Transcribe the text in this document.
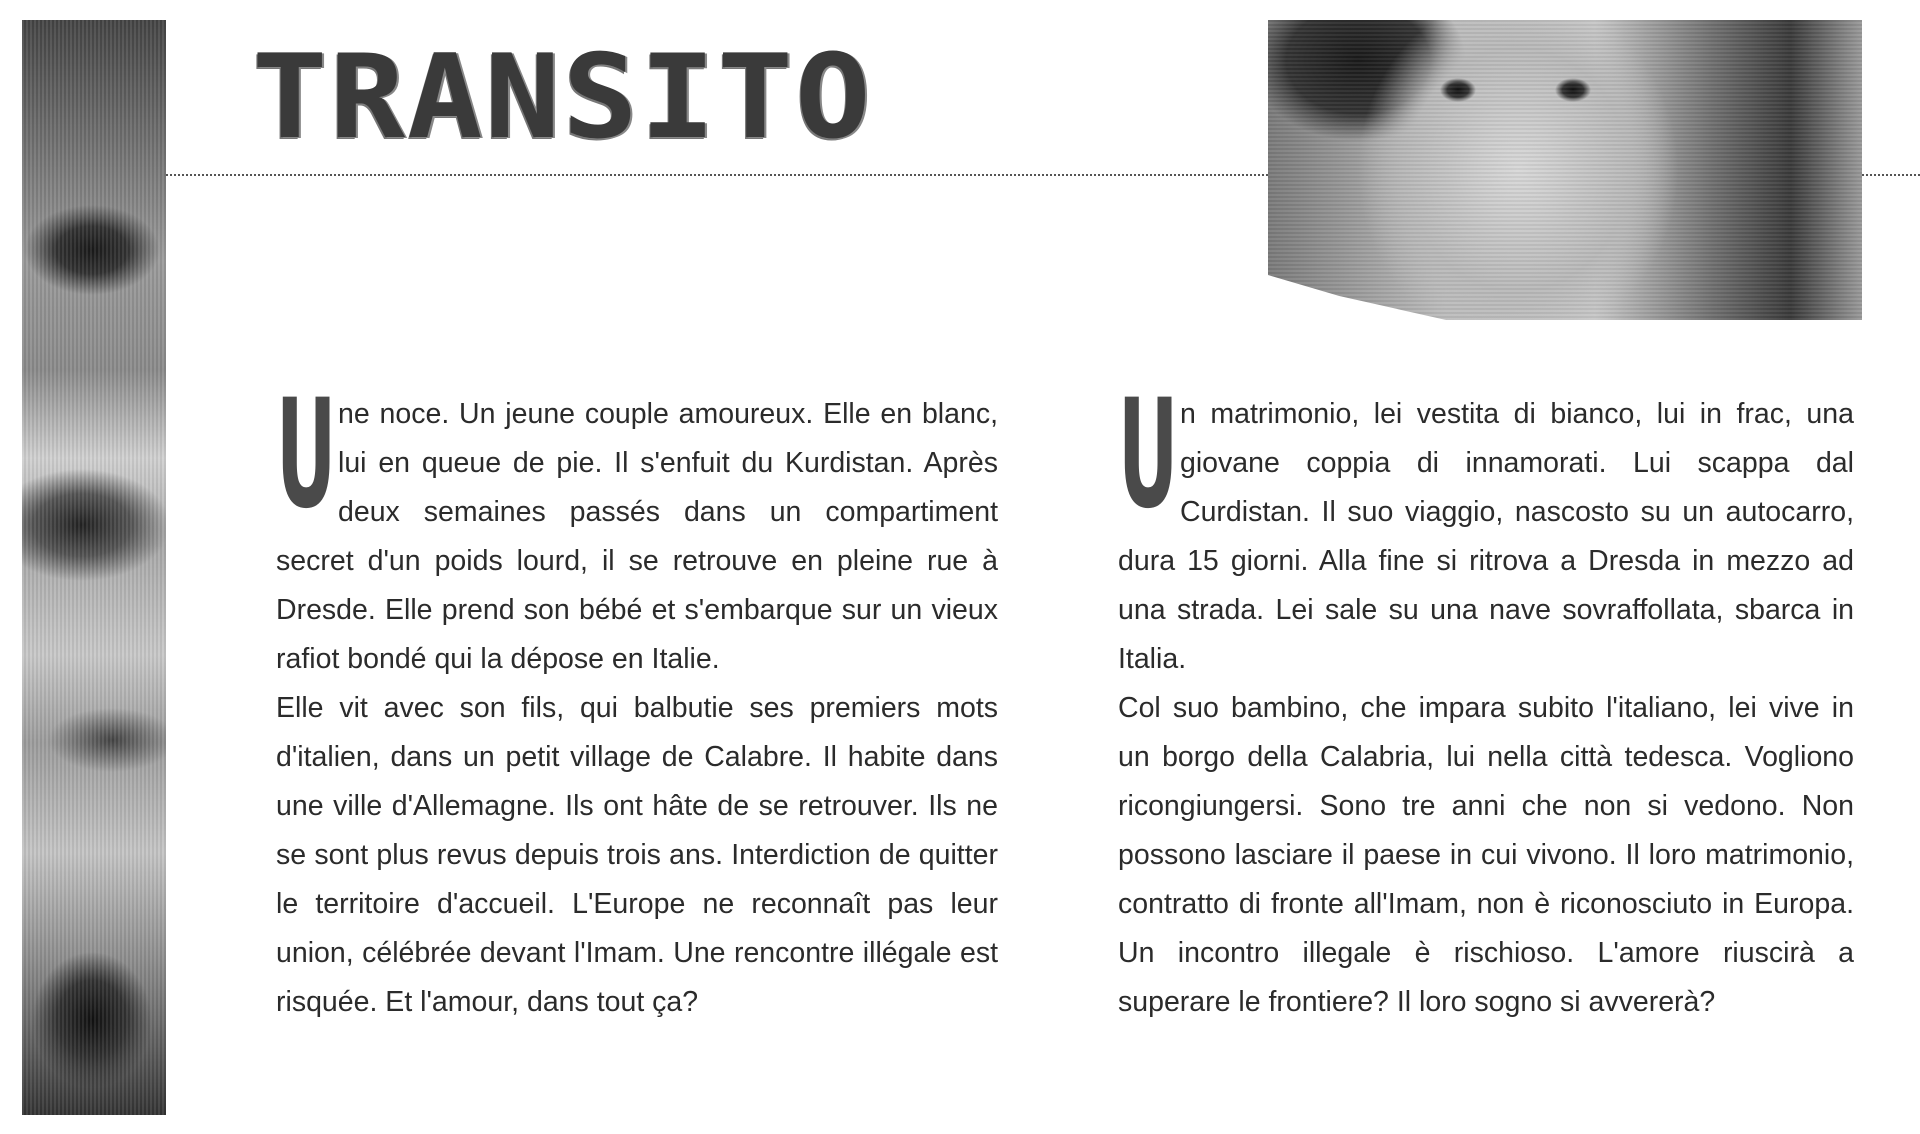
TRANSITO
U ne noce. Un jeune couple amoureux. Elle en blanc, lui en queue de pie. Il s'enfuit du Kurdistan. Après deux semaines passés dans un compartiment secret d'un poids lourd, il se retrouve en pleine rue à Dresde. Elle prend son bébé et s'embarque sur un vieux rafiot bondé qui la dépose en Italie.

Elle vit avec son fils, qui balbutie ses premiers mots d'italien, dans un petit village de Calabre. Il habite dans une ville d'Allemagne. Ils ont hâte de se retrouver. Ils ne se sont plus revus depuis trois ans. Interdiction de quitter le territoire d'accueil. L'Europe ne reconnaît pas leur union, célébrée devant l'Imam. Une rencontre illégale est risquée. Et l'amour, dans tout ça?

U n matrimonio, lei vestita di bianco, lui in frac, una giovane coppia di innamorati. Lui scappa dal Curdistan. Il suo viaggio, nascosto su un autocarro, dura 15 giorni. Alla fine si ritrova a Dresda in mezzo ad una strada. Lei sale su una nave sovraffollata, sbarca in Italia.

Col suo bambino, che impara subito l'italiano, lei vive in un borgo della Calabria, lui nella città tedesca. Vogliono ricongiungersi. Sono tre anni che non si vedono. Non possono lasciare il paese in cui vivono. Il loro matrimonio, contratto di fronte all'Imam, non è riconosciuto in Europa. Un incontro illegale è rischioso. L'amore riuscirà a superare le frontiere? Il loro sogno si avvererà?
